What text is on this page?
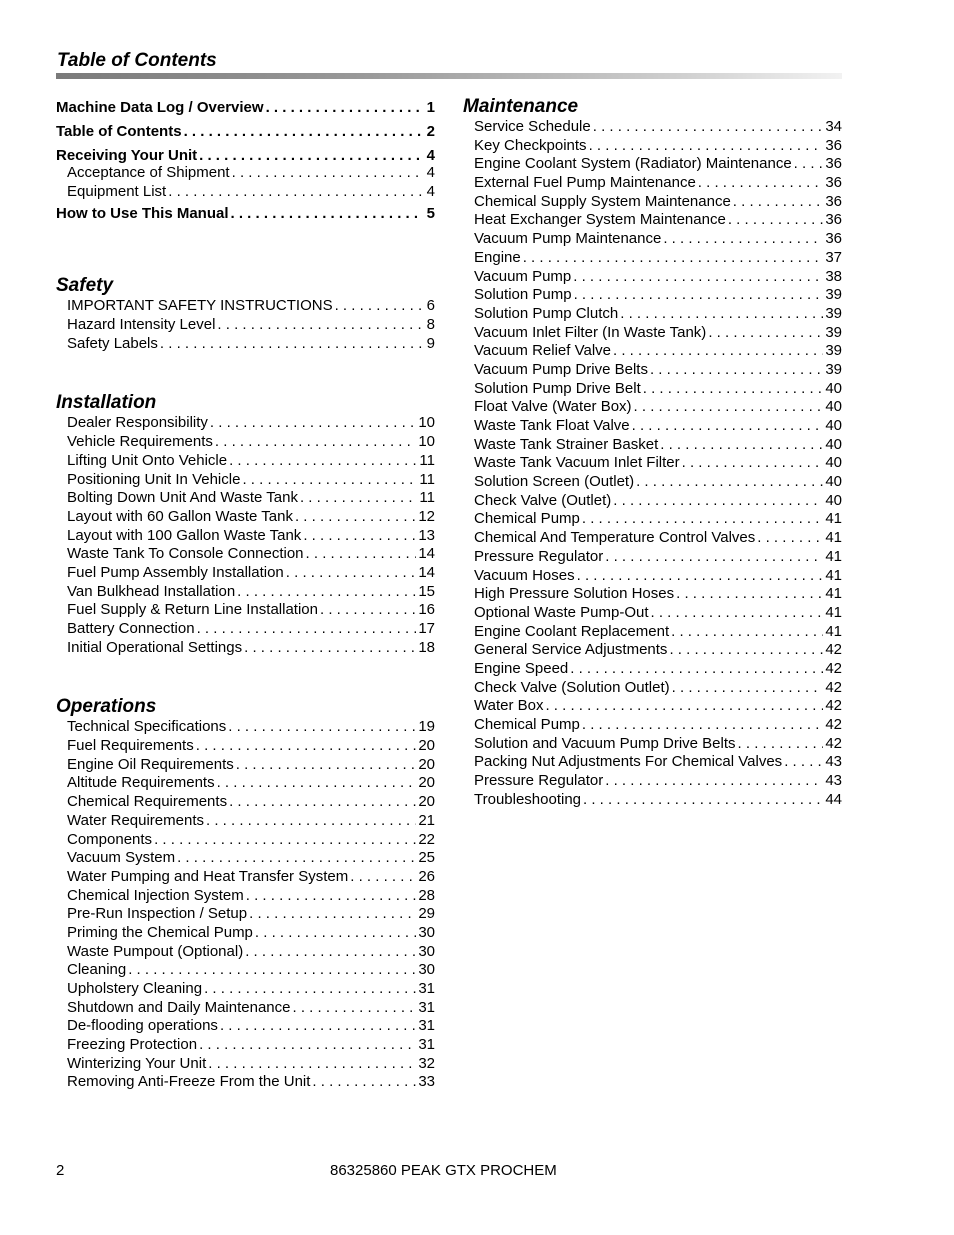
Table of Contents
Machine Data Log / Overview . . .	1
Table of Contents . . .	2
Receiving Your Unit . . .	4
Acceptance of Shipment . . .	4
Equipment List . . .	4
How to Use This Manual . . .	5
Safety
IMPORTANT SAFETY INSTRUCTIONS . . .	6
Hazard Intensity Level . . .	8
Safety Labels . . .	9
Installation
Dealer Responsibility . . .	10
Vehicle Requirements . . .	10
Lifting Unit Onto Vehicle . . .	11
Positioning Unit In Vehicle . . .	11
Bolting Down Unit And Waste Tank . . .	11
Layout with 60 Gallon Waste Tank . . .	12
Layout with 100 Gallon Waste Tank . . .	13
Waste Tank To Console Connection . . .	14
Fuel Pump Assembly Installation . . .	14
Van Bulkhead Installation . . .	15
Fuel Supply & Return Line Installation . . .	16
Battery Connection . . .	17
Initial Operational Settings . . .	18
Operations
Technical Specifications . . .	19
Fuel Requirements . . .	20
Engine Oil Requirements . . .	20
Altitude Requirements . . .	20
Chemical Requirements . . .	20
Water Requirements . . .	21
Components . . .	22
Vacuum System . . .	25
Water Pumping and Heat Transfer System . . .	26
Chemical Injection System . . .	28
Pre-Run Inspection / Setup . . .	29
Priming the Chemical Pump . . .	30
Waste Pumpout (Optional) . . .	30
Cleaning . . .	30
Upholstery Cleaning . . .	31
Shutdown and Daily Maintenance . . .	31
De-flooding operations . . .	31
Freezing Protection . . .	31
Winterizing Your Unit . . .	32
Removing Anti-Freeze From the Unit . . .	33
Maintenance
Service Schedule . . .	34
Key Checkpoints . . .	36
Engine Coolant System (Radiator) Maintenance . . . 36
External Fuel Pump Maintenance . . .	36
Chemical Supply System Maintenance . . .	36
Heat Exchanger System Maintenance . . .	36
Vacuum Pump Maintenance . . .	36
Engine . . .	37
Vacuum Pump . . .	38
Solution Pump . . .	39
Solution Pump Clutch . . .	39
Vacuum Inlet Filter (In Waste Tank) . . .	39
Vacuum Relief Valve . . .	39
Vacuum Pump Drive Belts . . .	39
Solution Pump Drive Belt . . .	40
Float Valve (Water Box) . . .	40
Waste Tank Float Valve . . .	40
Waste Tank Strainer Basket . . .	40
Waste Tank Vacuum Inlet Filter . . .	40
Solution Screen (Outlet) . . .	40
Check Valve (Outlet) . . .	40
Chemical Pump . . .	41
Chemical And Temperature Control Valves . . .	41
Pressure Regulator . . .	41
Vacuum Hoses . . .	41
High Pressure Solution Hoses . . .	41
Optional Waste Pump-Out . . .	41
Engine Coolant Replacement . . .	41
General Service Adjustments . . .	42
Engine Speed . . .	42
Check Valve (Solution Outlet) . . .	42
Water Box . . .	42
Chemical Pump . . .	42
Solution and Vacuum Pump Drive Belts . . .	42
Packing Nut Adjustments For Chemical Valves . . .	43
Pressure Regulator . . .	43
Troubleshooting . . .	44
2	86325860 PEAK GTX PROCHEM
